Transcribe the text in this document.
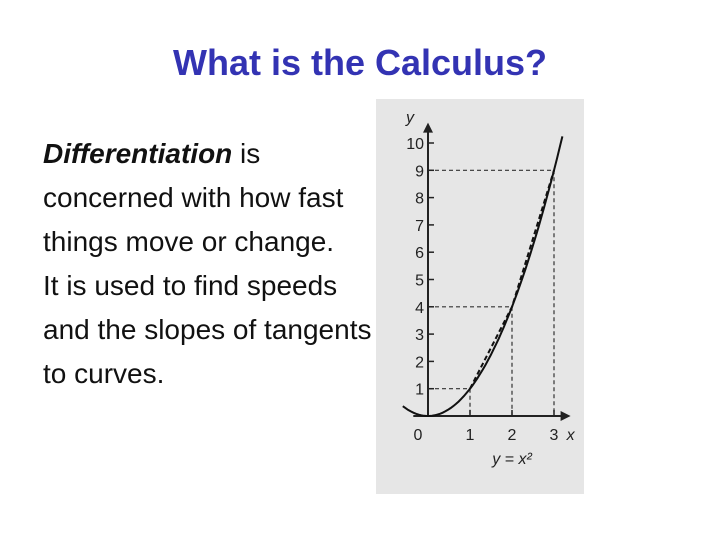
What is the Calculus?

Differentiation is concerned with how fast things move or change.

It is used to find speeds and the slopes of tangents to curves.

1
2
3
4
5
6
7
8
9
10
0	1 2 3
y
x
y = x²
